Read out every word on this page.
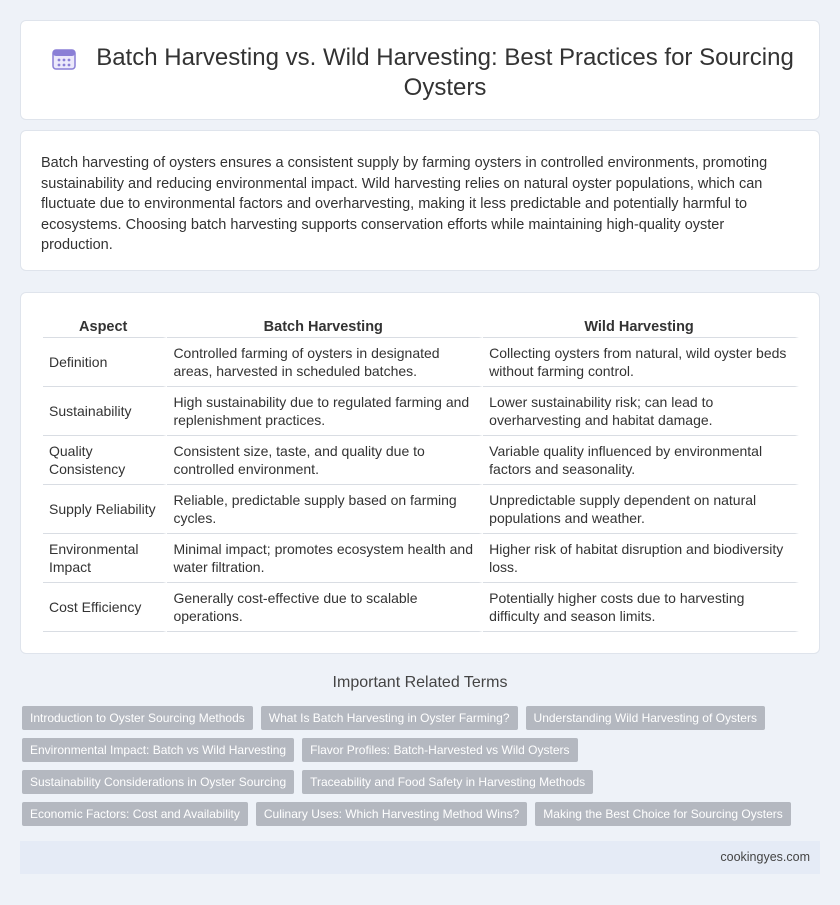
Batch Harvesting vs. Wild Harvesting: Best Practices for Sourcing Oysters

Batch harvesting of oysters ensures a consistent supply by farming oysters in controlled environments, promoting sustainability and reducing environmental impact. Wild harvesting relies on natural oyster populations, which can fluctuate due to environmental factors and overharvesting, making it less predictable and potentially harmful to ecosystems. Choosing batch harvesting supports conservation efforts while maintaining high-quality oyster production.

Aspect	Batch Harvesting	Wild Harvesting
Definition	Controlled farming of oysters in designated areas, harvested in scheduled batches.	Collecting oysters from natural, wild oyster beds without farming control.
Sustainability	High sustainability due to regulated farming and replenishment practices.	Lower sustainability risk; can lead to overharvesting and habitat damage.
Quality Consistency	Consistent size, taste, and quality due to controlled environment.	Variable quality influenced by environmental factors and seasonality.
Supply Reliability	Reliable, predictable supply based on farming cycles.	Unpredictable supply dependent on natural populations and weather.
Environmental Impact	Minimal impact; promotes ecosystem health and water filtration.	Higher risk of habitat disruption and biodiversity loss.
Cost Efficiency	Generally cost-effective due to scalable operations.	Potentially higher costs due to harvesting difficulty and season limits.
Important Related Terms
Introduction to Oyster Sourcing Methods	What Is Batch Harvesting in Oyster Farming?	Understanding Wild Harvesting of Oysters
Environmental Impact: Batch vs Wild Harvesting	Flavor Profiles: Batch-Harvested vs Wild Oysters
Sustainability Considerations in Oyster Sourcing	Traceability and Food Safety in Harvesting Methods
Economic Factors: Cost and Availability	Culinary Uses: Which Harvesting Method Wins?	Making the Best Choice for Sourcing Oysters
cookingyes.com
